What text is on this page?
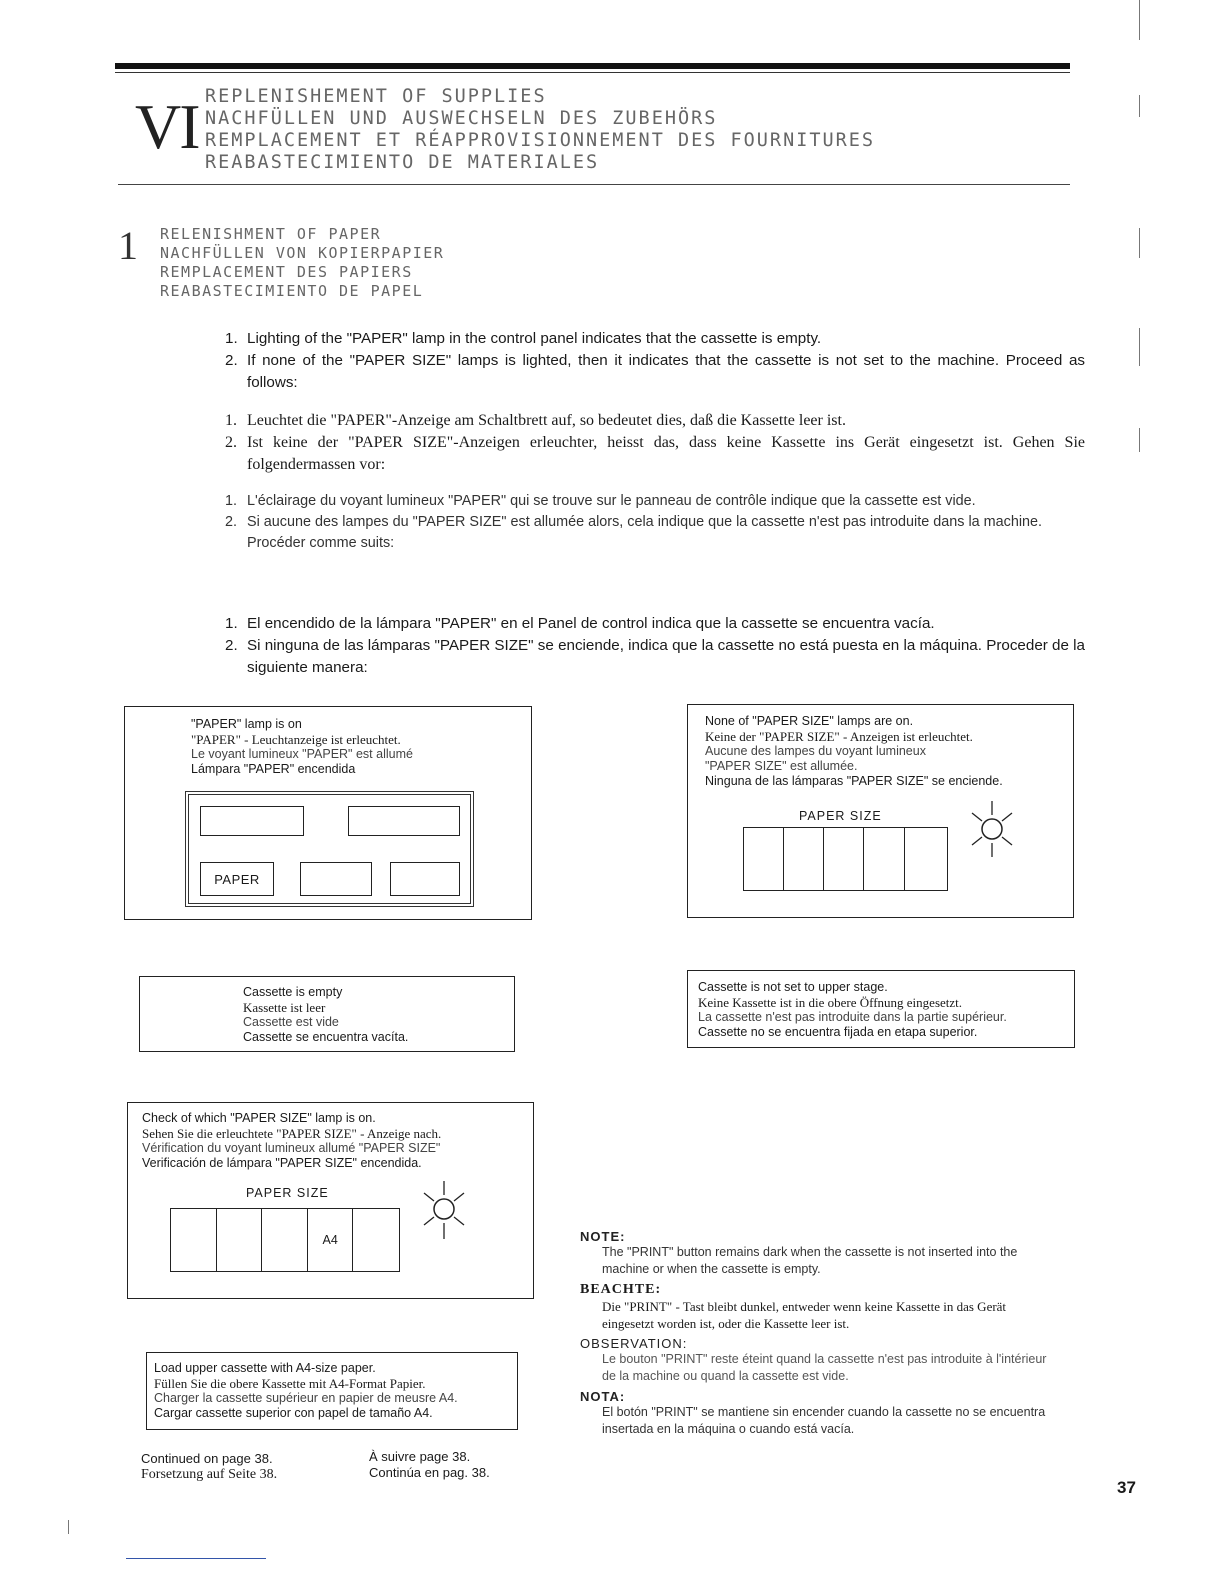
VI REPLENISHEMENT OF SUPPLIES
NACHFÜLLEN UND AUSWECHSELN DES ZUBEHÖRS
REMPLACEMENT ET RÉAPPROVISIONNEMENT DES FOURNITURES
REABASTECIMIENTO DE MATERIALES
1 RELENISHMENT OF PAPER
NACHFÜLLEN VON KOPIERPAPIER
REMPLACEMENT DES PAPIERS
REABASTECIMIENTO DE PAPEL
1. Lighting of the "PAPER" lamp in the control panel indicates that the cassette is empty.
2. If none of the "PAPER SIZE" lamps is lighted, then it indicates that the cassette is not set to the machine. Proceed as follows:
1. Leuchtet die "PAPER"-Anzeige am Schaltbrett auf, so bedeutet dies, daß die Kassette leer ist.
2. Ist keine der "PAPER SIZE"-Anzeigen erleuchter, heisst das, dass keine Kassette ins Gerät eingesetzt ist. Gehen Sie folgendermassen vor:
1. L'éclairage du voyant lumineux "PAPER" qui se trouve sur le panneau de contrôle indique que la cassette est vide.
2. Si aucune des lampes du "PAPER SIZE" est allumée alors, cela indique que la cassette n'est pas introduite dans la machine.
Procéder comme suits:
1. El encendido de la lámpara "PAPER" en el Panel de control indica que la cassette se encuentra vacía.
2. Si ninguna de las lámparas "PAPER SIZE" se enciende, indica que la cassette no está puesta en la máquina. Proceder de la siguiente manera:
"PAPER" lamp is on
"PAPER" - Leuchtanzeige ist erleuchtet.
Le voyant lumineux "PAPER" est allumé
Lámpara "PAPER" encendida
PAPER
None of "PAPER SIZE" lamps are on.
Keine der "PAPER SIZE" - Anzeigen ist erleuchtet.
Aucune des lampes du voyant lumineux
"PAPER SIZE" est allumée.
Ninguna de las lámparas "PAPER SIZE" se enciende.
PAPER SIZE
Cassette is empty
Kassette ist leer
Cassette est vide
Cassette se encuentra vacíta.
Cassette is not set to upper stage.
Keine Kassette ist in die obere Öffnung eingesetzt.
La cassette n'est pas introduite dans la partie supérieur.
Cassette no se encuentra fijada en etapa superior.
Check of which "PAPER SIZE" lamp is on.
Sehen Sie die erleuchtete "PAPER SIZE" - Anzeige nach.
Vérification du voyant lumineux allumé "PAPER SIZE"
Verificación de lámpara "PAPER SIZE" encendida.
PAPER SIZE
A4
Load upper cassette with A4-size paper.
Füllen Sie die obere Kassette mit A4-Format Papier.
Charger la cassette supérieur en papier de meusre A4.
Cargar cassette superior con papel de tamaño A4.
Continued on page 38.
Forsetzung auf Seite 38.
À suivre page 38.
Continúa en pag. 38.
NOTE:
The "PRINT" button remains dark when the cassette is not inserted into the machine or when the cassette is empty.
BEACHTE:
Die "PRINT" - Tast bleibt dunkel, entweder wenn keine Kassette in das Gerät eingesetzt worden ist, oder die Kassette leer ist.
OBSERVATION:
Le bouton "PRINT" reste éteint quand la cassette n'est pas introduite à l'intérieur de la machine ou quand la cassette est vide.
NOTA:
El botón "PRINT" se mantiene sin encender cuando la cassette no se encuentra insertada en la máquina o cuando está vacía.
37
